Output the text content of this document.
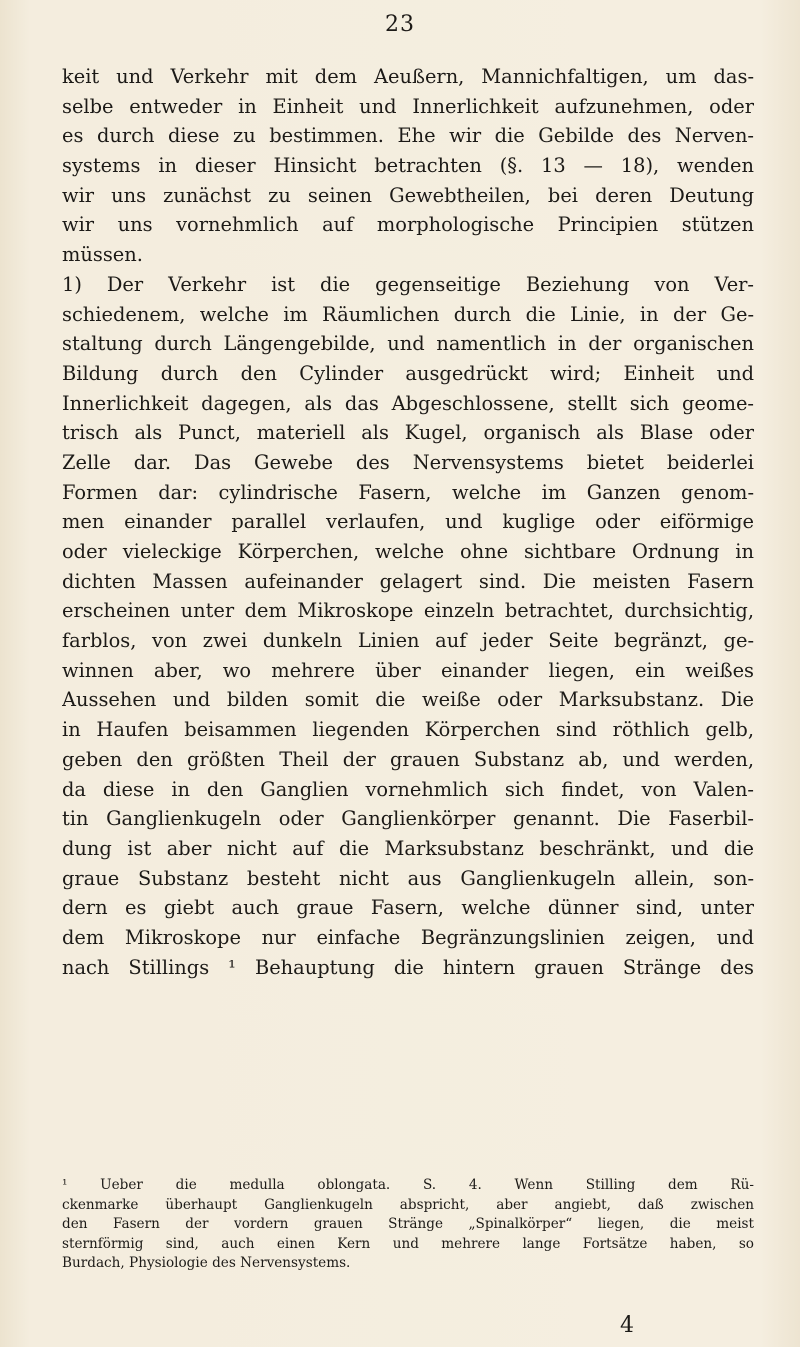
23
keit und Verkehr mit dem Aeußern, Mannichfaltigen, um das-
selbe entweder in Einheit und Innerlichkeit aufzunehmen, oder
es durch diese zu bestimmen. Ehe wir die Gebilde des Nerven-
systems in dieser Hinsicht betrachten (§. 13 — 18), wenden
wir uns zunächst zu seinen Gewebtheilen, bei deren Deutung
wir uns vornehmlich auf morphologische Principien stützen
müssen.
1) Der Verkehr ist die gegenseitige Beziehung von Ver-
schiedenem, welche im Räumlichen durch die Linie, in der Ge-
staltung durch Längengebilde, und namentlich in der organischen
Bildung durch den Cylinder ausgedrückt wird; Einheit und
Innerlichkeit dagegen, als das Abgeschlossene, stellt sich geome-
trisch als Punct, materiell als Kugel, organisch als Blase oder
Zelle dar. Das Gewebe des Nervensystems bietet beiderlei
Formen dar: cylindrische Fasern, welche im Ganzen genom-
men einander parallel verlaufen, und kuglige oder eiförmige
oder vieleckige Körperchen, welche ohne sichtbare Ordnung in
dichten Massen aufeinander gelagert sind. Die meisten Fasern
erscheinen unter dem Mikroskope einzeln betrachtet, durchsichtig,
farblos, von zwei dunkeln Linien auf jeder Seite begränzt, ge-
winnen aber, wo mehrere über einander liegen, ein weißes
Aussehen und bilden somit die weiße oder Marksubstanz. Die
in Haufen beisammen liegenden Körperchen sind röthlich gelb,
geben den größten Theil der grauen Substanz ab, und werden,
da diese in den Ganglien vornehmlich sich findet, von Valen-
tin Ganglienkugeln oder Ganglienkörper genannt. Die Faserbil-
dung ist aber nicht auf die Marksubstanz beschränkt, und die
graue Substanz besteht nicht aus Ganglienkugeln allein, son-
dern es giebt auch graue Fasern, welche dünner sind, unter
dem Mikroskope nur einfache Begränzungslinien zeigen, und
nach Stillings ¹ Behauptung die hintern grauen Stränge des
¹ Ueber die medulla oblongata. S. 4. Wenn Stilling dem Rü-
ckenmarke überhaupt Ganglienkugeln abspricht, aber angiebt, daß zwischen
den Fasern der vordern grauen Stränge „Spinalkörper“ liegen, die meist
sternförmig sind, auch einen Kern und mehrere lange Fortsätze haben, so
Burdach, Physiologie des Nervensystems.
4
